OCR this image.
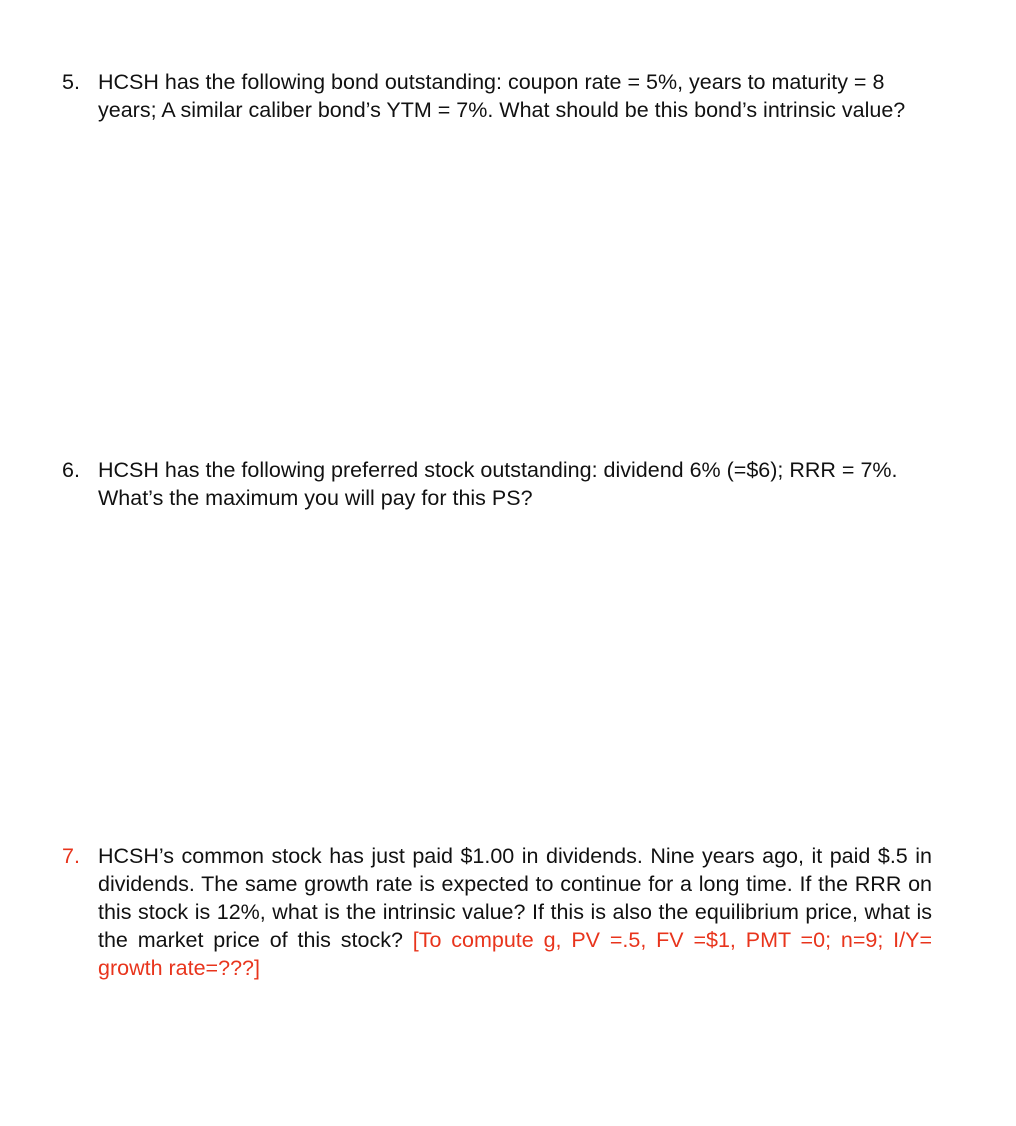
5. HCSH has the following bond outstanding: coupon rate = 5%, years to maturity = 8 years; A similar caliber bond’s YTM = 7%. What should be this bond’s intrinsic value?
6. HCSH has the following preferred stock outstanding: dividend 6% (=$6); RRR = 7%. What’s the maximum you will pay for this PS?
7. HCSH’s common stock has just paid $1.00 in dividends. Nine years ago, it paid $.5 in dividends. The same growth rate is expected to continue for a long time. If the RRR on this stock is 12%, what is the intrinsic value? If this is also the equilibrium price, what is the market price of this stock? [To compute g, PV =.5, FV =$1, PMT =0; n=9; I/Y= growth rate=???]
